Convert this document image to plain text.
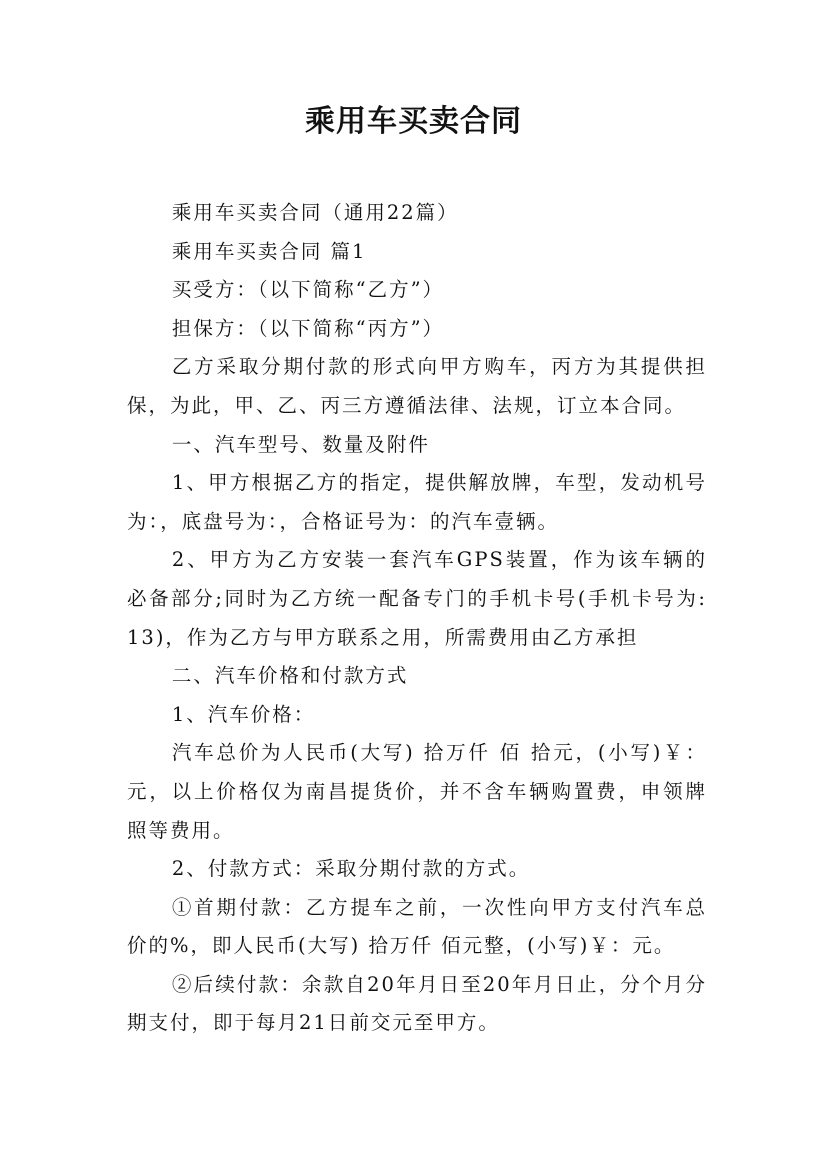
乘用车买卖合同

乘用车买卖合同（通用22篇）

乘用车买卖合同 篇1

买受方：（以下简称“乙方”）

担保方：（以下简称“丙方”）

乙方采取分期付款的形式向甲方购车，丙方为其提供担保，为此，甲、乙、丙三方遵循法律、法规，订立本合同。

一、汽车型号、数量及附件

1、甲方根据乙方的指定，提供解放牌，车型，发动机号为：，底盘号为：，合格证号为：的汽车壹辆。

2、甲方为乙方安装一套汽车GPS装置，作为该车辆的必备部分;同时为乙方统一配备专门的手机卡号(手机卡号为: 13)，作为乙方与甲方联系之用，所需费用由乙方承担

二、汽车价格和付款方式

1、汽车价格：

汽车总价为人民币(大写) 拾万仟 佰 拾元，(小写)￥：元，以上价格仅为南昌提货价，并不含车辆购置费，申领牌照等费用。

2、付款方式：采取分期付款的方式。

①首期付款：乙方提车之前，一次性向甲方支付汽车总价的%，即人民币(大写) 拾万仟 佰元整，(小写)￥：元。

②后续付款：余款自20年月日至20年月日止，分个月分期支付，即于每月21日前交元至甲方。
